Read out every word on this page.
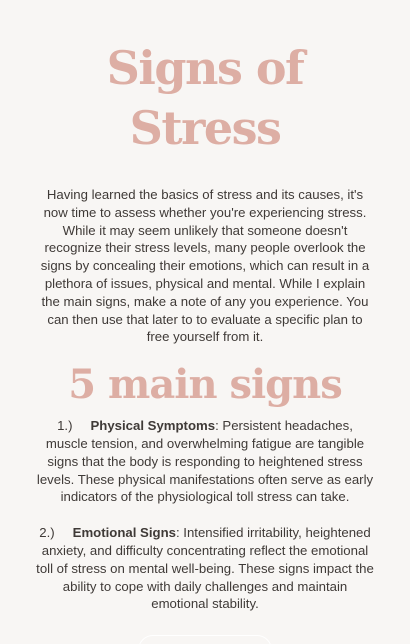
Signs of Stress

Having learned the basics of stress and its causes, it's now time to assess whether you're experiencing stress. While it may seem unlikely that someone doesn't recognize their stress levels, many people overlook the signs by concealing their emotions, which can result in a plethora of issues, physical and mental. While I explain the main signs, make a note of any you experience. You can then use that later to to evaluate a specific plan to free yourself from it.

5 main signs

1.) Physical Symptoms: Persistent headaches, muscle tension, and overwhelming fatigue are tangible signs that the body is responding to heightened stress levels. These physical manifestations often serve as early indicators of the physiological toll stress can take.

2.) Emotional Signs: Intensified irritability, heightened anxiety, and difficulty concentrating reflect the emotional toll of stress on mental well-being. These signs impact the ability to cope with daily challenges and maintain emotional stability.
